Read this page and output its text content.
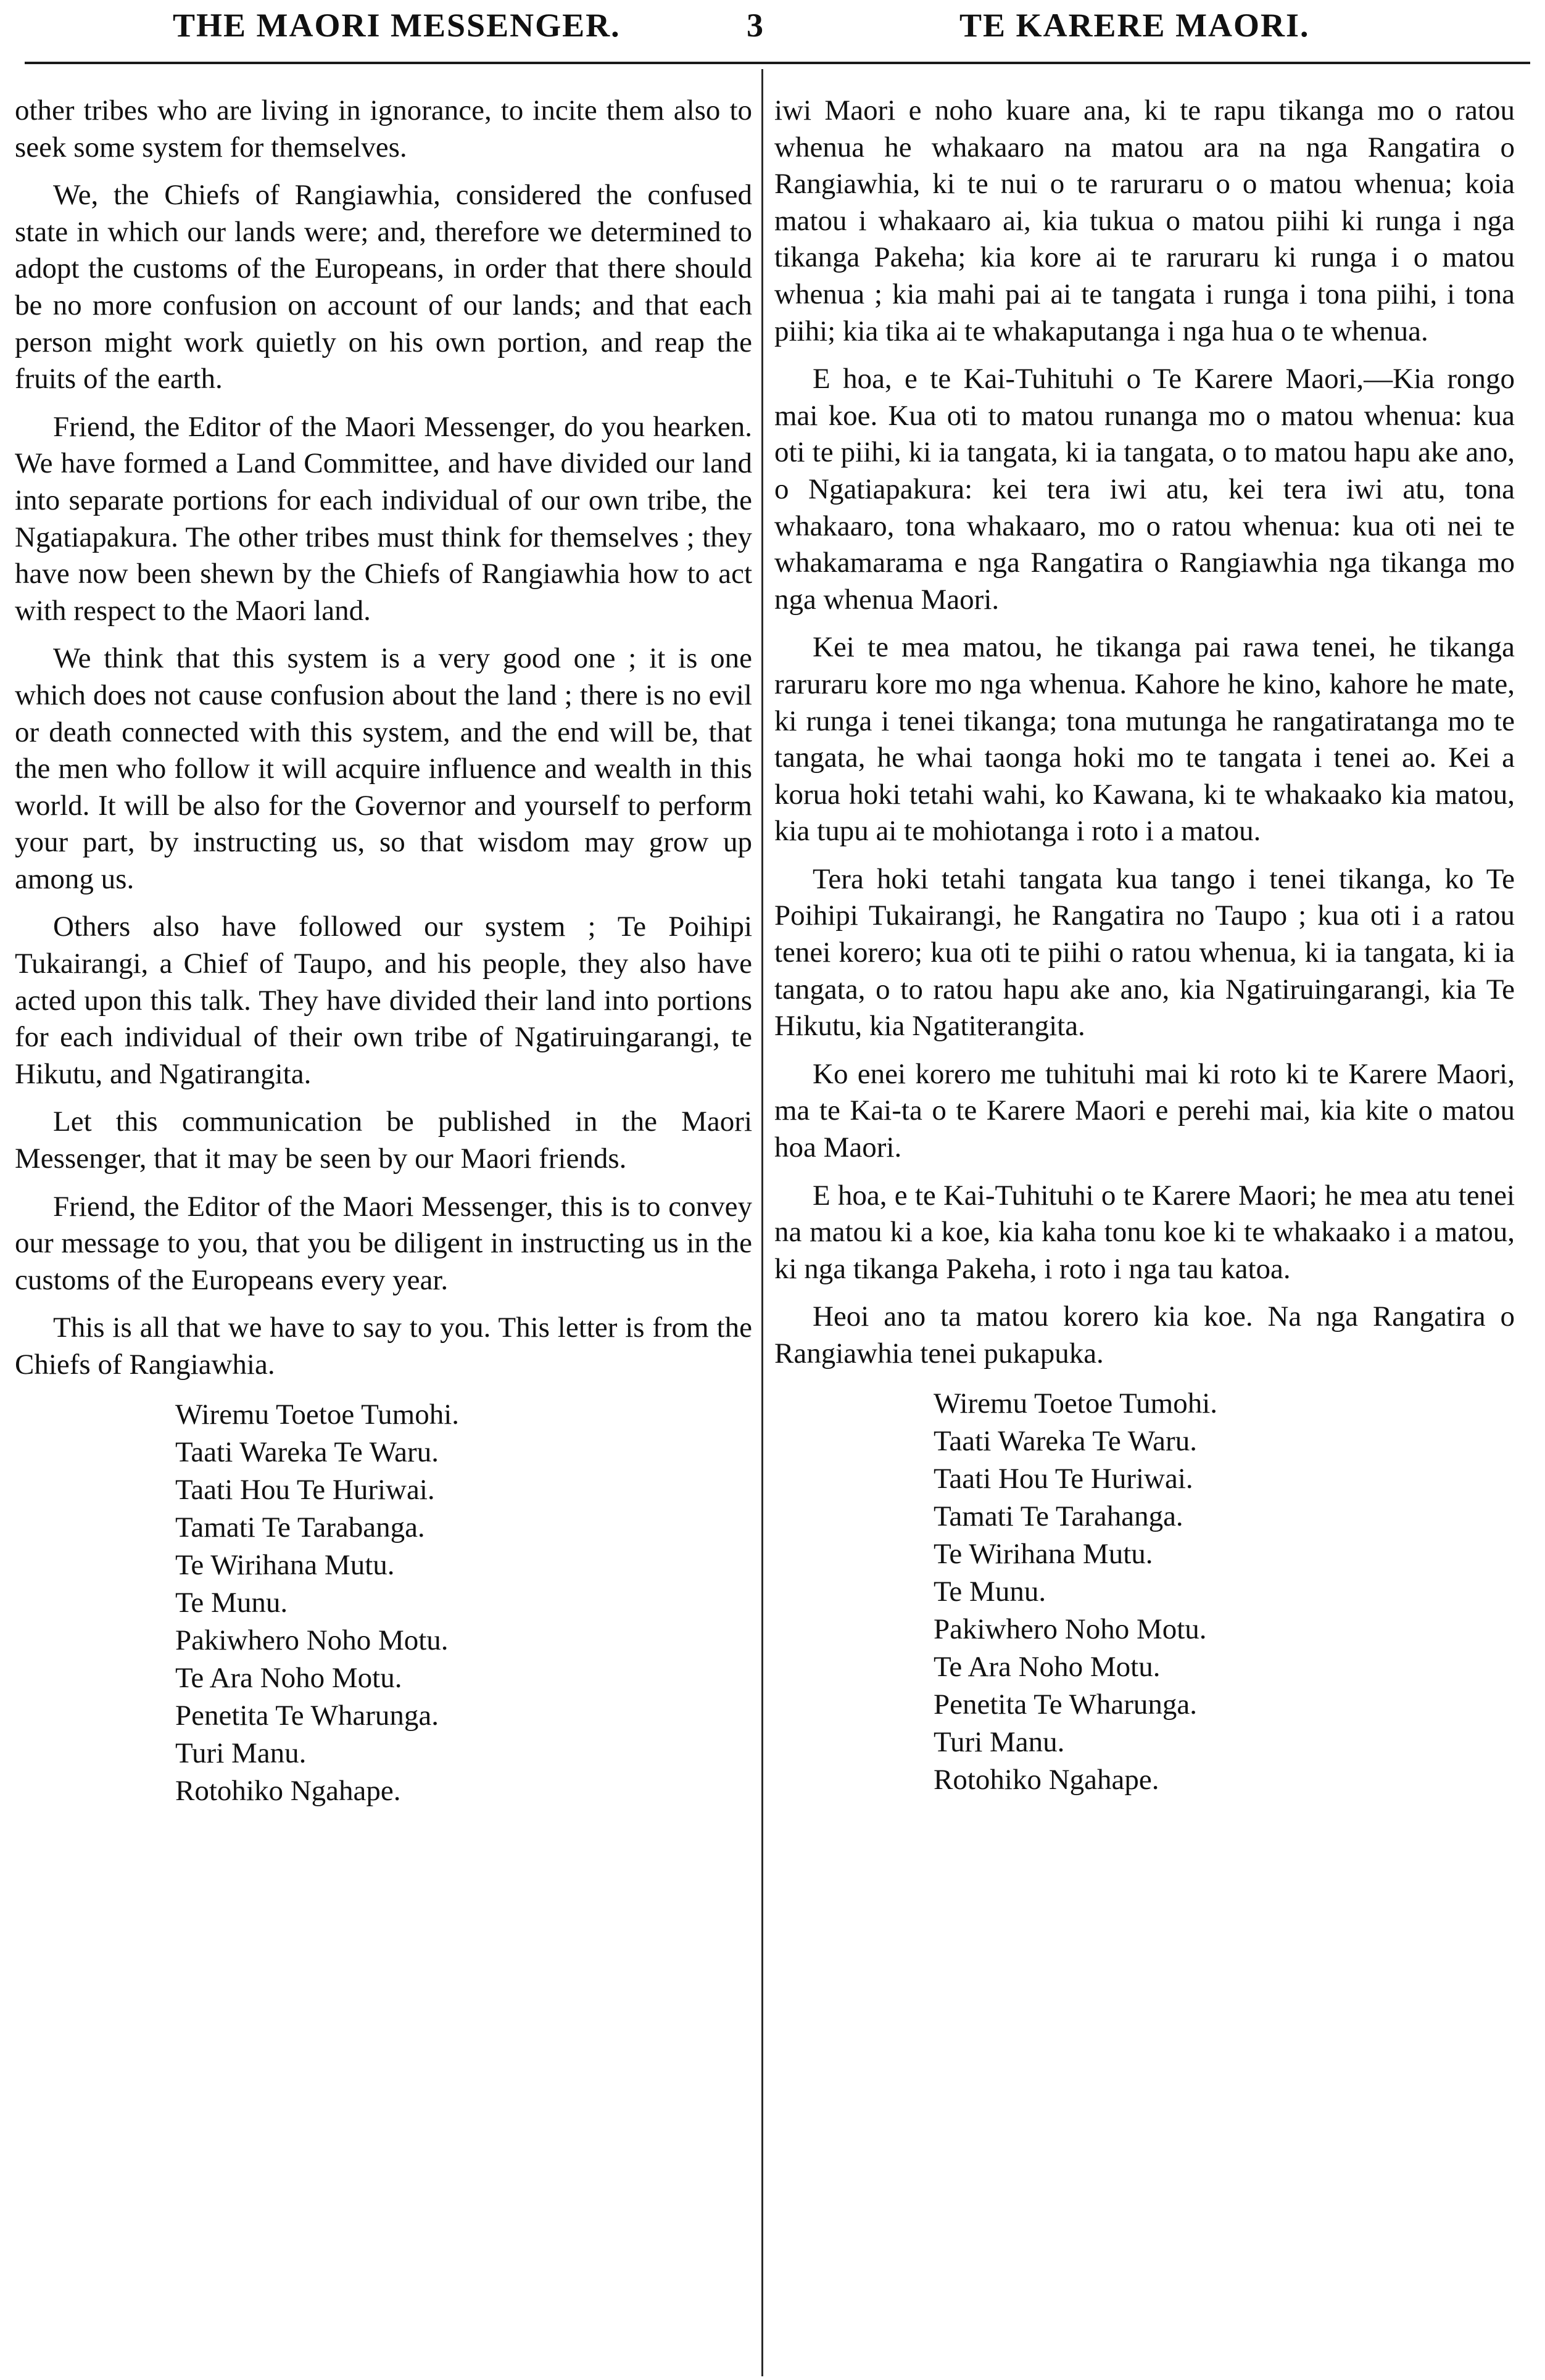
THE MAORI MESSENGER.	3	TE KARERE MAORI.

other tribes who are living in ignorance, to incite them also to seek some system for themselves.

We, the Chiefs of Rangiawhia, considered the confused state in which our lands were; and, therefore we determined to adopt the customs of the Europeans, in order that there should be no more confusion on account of our lands; and that each person might work quietly on his own portion, and reap the fruits of the earth.

Friend, the Editor of the Maori Messenger, do you hearken. We have formed a Land Committee, and have divided our land into separate portions for each individual of our own tribe, the Ngatiapakura. The other tribes must think for themselves ; they have now been shewn by the Chiefs of Rangiawhia how to act with respect to the Maori land.

We think that this system is a very good one ; it is one which does not cause confusion about the land ; there is no evil or death connected with this system, and the end will be, that the men who follow it will acquire influence and wealth in this world. It will be also for the Governor and yourself to perform your part, by instructing us, so that wisdom may grow up among us.

Others also have followed our system ; Te Poihipi Tukairangi, a Chief of Taupo, and his people, they also have acted upon this talk. They have divided their land into portions for each individual of their own tribe of Ngatiruingarangi, te Hikutu, and Ngatirangita.

Let this communication be published in the Maori Messenger, that it may be seen by our Maori friends.

Friend, the Editor of the Maori Messenger, this is to convey our message to you, that you be diligent in instructing us in the customs of the Europeans every year.

This is all that we have to say to you. This letter is from the Chiefs of Rangiawhia.

Wiremu Toetoe Tumohi.
Taati Wareka Te Waru.
Taati Hou Te Huriwai.
Tamati Te Tarabanga.
Te Wirihana Mutu.
Te Munu.
Pakiwhero Noho Motu.
Te Ara Noho Motu.
Penetita Te Wharunga.
Turi Manu.
Rotohiko Ngahape.

iwi Maori e noho kuare ana, ki te rapu tikanga mo o ratou whenua he whakaaro na matou ara na nga Rangatira o Rangiawhia, ki te nui o te raruraru o o matou whenua; koia matou i whakaaro ai, kia tukua o matou piihi ki runga i nga tikanga Pakeha; kia kore ai te raruraru ki runga i o matou whenua ; kia mahi pai ai te tangata i runga i tona piihi, i tona piihi; kia tika ai te whakaputanga i nga hua o te whenua.

E hoa, e te Kai-Tuhituhi o Te Karere Maori,—Kia rongo mai koe. Kua oti to matou runanga mo o matou whenua: kua oti te piihi, ki ia tangata, ki ia tangata, o to matou hapu ake ano, o Ngatiapakura: kei tera iwi atu, kei tera iwi atu, tona whakaaro, tona whakaaro, mo o ratou whenua: kua oti nei te whakamarama e nga Rangatira o Rangiawhia nga tikanga mo nga whenua Maori.

Kei te mea matou, he tikanga pai rawa tenei, he tikanga raruraru kore mo nga whenua. Kahore he kino, kahore he mate, ki runga i tenei tikanga; tona mutunga he rangatiratanga mo te tangata, he whai taonga hoki mo te tangata i tenei ao. Kei a korua hoki tetahi wahi, ko Kawana, ki te whakaako kia matou, kia tupu ai te mohiotanga i roto i a matou.

Tera hoki tetahi tangata kua tango i tenei tikanga, ko Te Poihipi Tukairangi, he Rangatira no Taupo ; kua oti i a ratou tenei korero; kua oti te piihi o ratou whenua, ki ia tangata, ki ia tangata, o to ratou hapu ake ano, kia Ngatiruingarangi, kia Te Hikutu, kia Ngatiterangita.

Ko enei korero me tuhituhi mai ki roto ki te Karere Maori, ma te Kai-ta o te Karere Maori e perehi mai, kia kite o matou hoa Maori.

E hoa, e te Kai-Tuhituhi o te Karere Maori; he mea atu tenei na matou ki a koe, kia kaha tonu koe ki te whakaako i a matou, ki nga tikanga Pakeha, i roto i nga tau katoa.

Heoi ano ta matou korero kia koe. Na nga Rangatira o Rangiawhia tenei pukapuka.

Wiremu Toetoe Tumohi.
Taati Wareka Te Waru.
Taati Hou Te Huriwai.
Tamati Te Tarahanga.
Te Wirihana Mutu.
Te Munu.
Pakiwhero Noho Motu.
Te Ara Noho Motu.
Penetita Te Wharunga.
Turi Manu.
Rotohiko Ngahape.
